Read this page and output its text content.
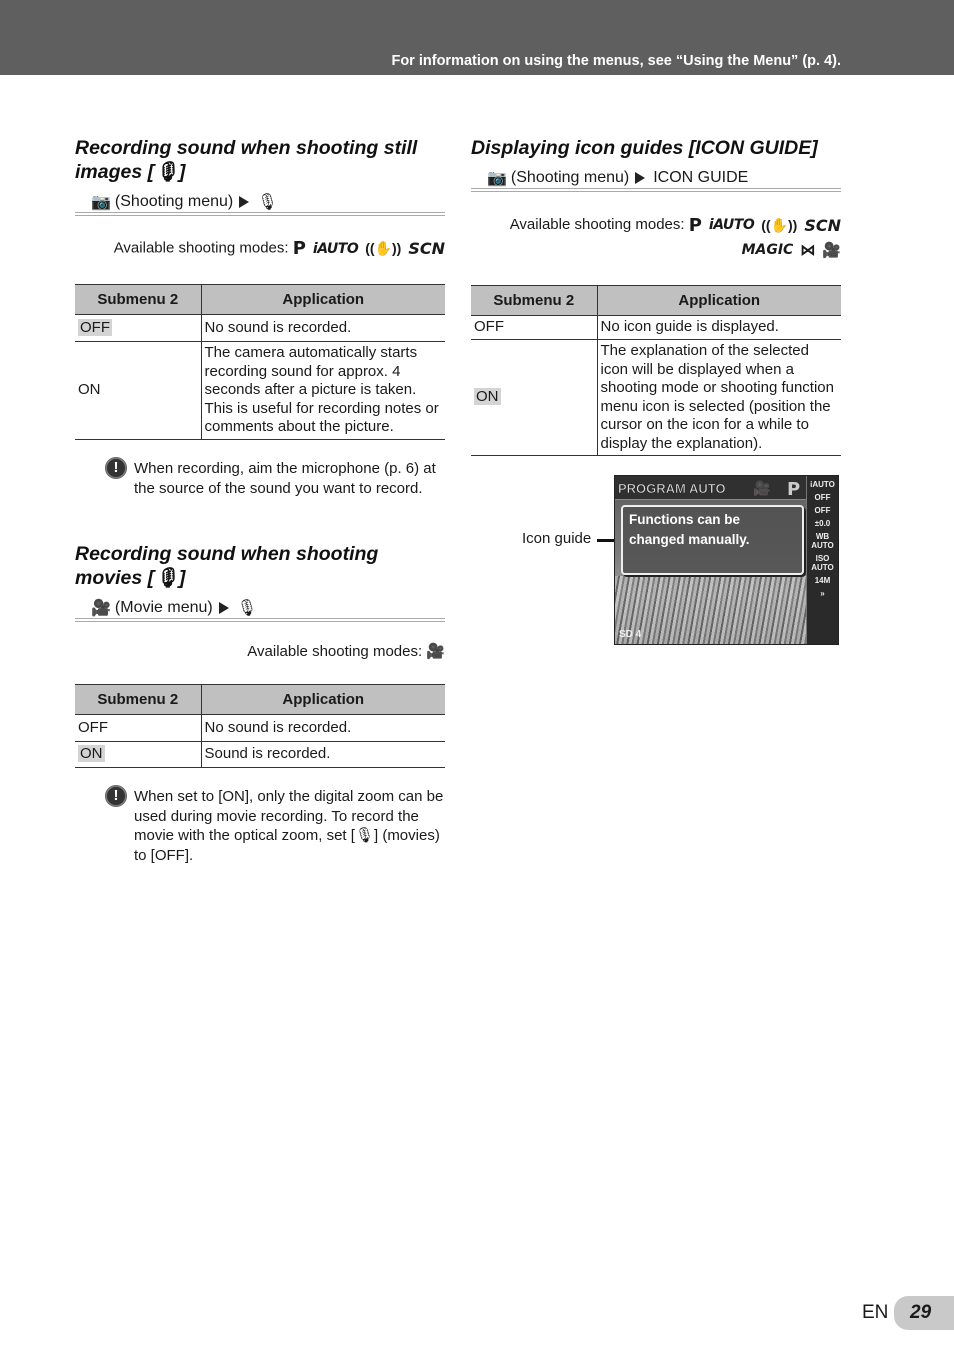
For information on using the menus, see “Using the Menu” (p. 4).
Recording sound when shooting still
images [🎙]
📷 (Shooting menu) 🎙
Available shooting modes: P iAUTO ((✋)) SCN
Submenu 2	Application
OFF	No sound is recorded.
ON	The camera automatically starts recording sound for approx. 4 seconds after a picture is taken. This is useful for recording notes or comments about the picture.
!	When recording, aim the microphone (p. 6) at the source of the sound you want to record.
Recording sound when shooting
movies [🎙]
🎥 (Movie menu) 🎙
Available shooting modes: 🎥
Submenu 2	Application
OFF	No sound is recorded.
ON	Sound is recorded.
!	When set to [ON], only the digital zoom can be used during movie recording. To record the movie with the optical zoom, set [🎙] (movies) to [OFF].
Displaying icon guides [ICON GUIDE]
📷 (Shooting menu) ICON GUIDE
Available shooting modes: P iAUTO ((✋)) SCN

MAGIC ⋈ 🎥
Submenu 2	Application
OFF	No icon guide is displayed.
ON	The explanation of the selected icon will be displayed when a shooting mode or shooting function menu icon is selected (position the cursor on the icon for a while to display the explanation).
Icon guide
PROGRAM AUTO 🎥 P	iAUTO
OFF
OFF
±0.0
WB AUTO
ISO AUTO
14M
»
Functions can be changed manually.
SD 4
EN	29
